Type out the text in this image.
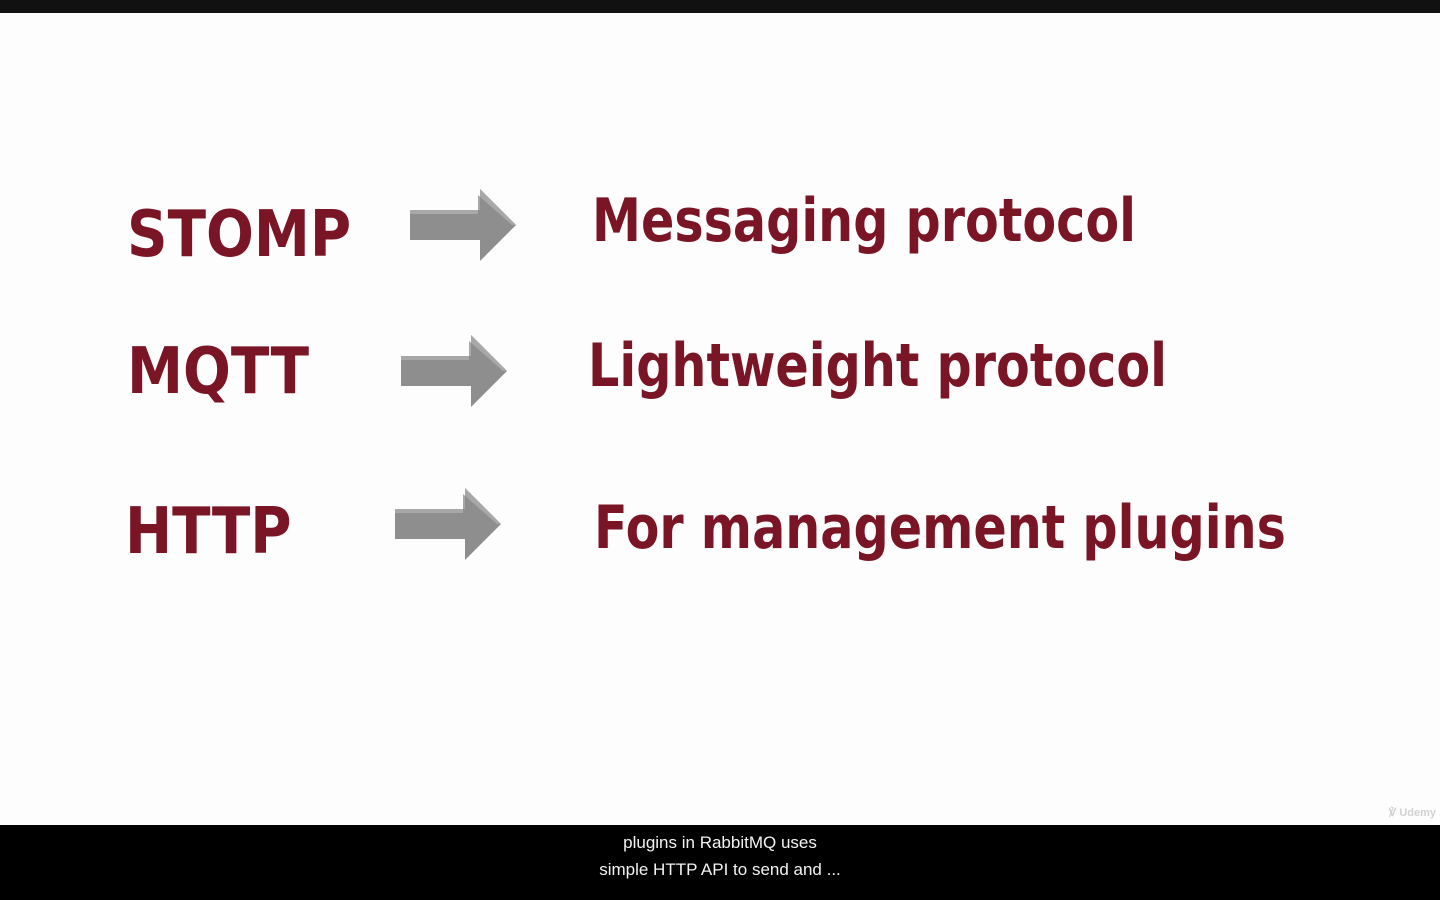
STOMP	Messaging protocol
MQTT	Lightweight protocol
HTTP	For management plugins
℣ Udemy
plugins in RabbitMQ uses
simple HTTP API to send and ...
